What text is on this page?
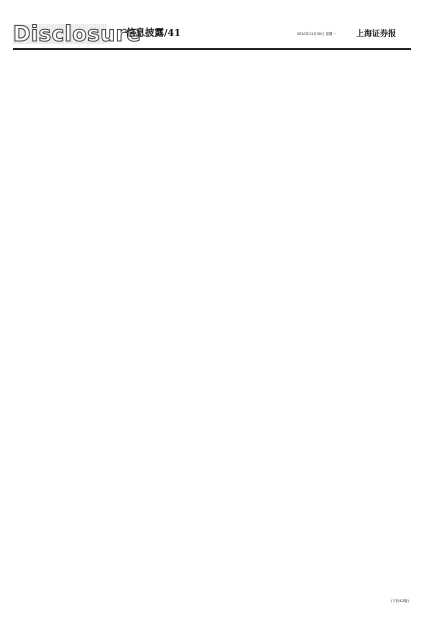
Disclosure
信息披露/41	2020年11月30日 星期一	上海证券报
(下转42版)
